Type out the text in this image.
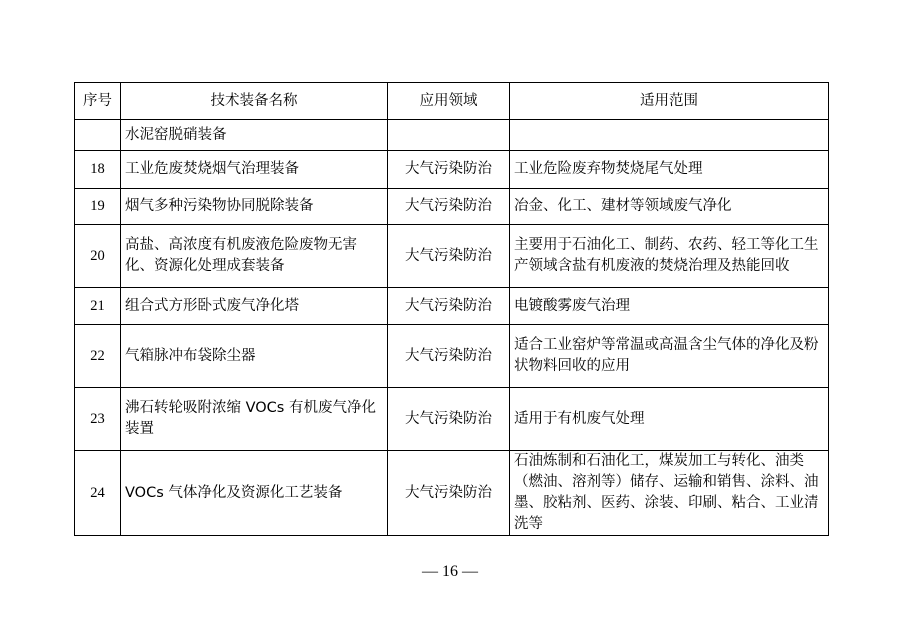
序号	技术装备名称	应用领域	适用范围
	水泥窑脱硝装备		
18	工业危废焚烧烟气治理装备	大气污染防治	工业危险废弃物焚烧尾气处理
19	烟气多种污染物协同脱除装备	大气污染防治	冶金、化工、建材等领域废气净化
20	高盐、高浓度有机废液危险废物无害化、资源化处理成套装备	大气污染防治	主要用于石油化工、制药、农药、轻工等化工生产领域含盐有机废液的焚烧治理及热能回收
21	组合式方形卧式废气净化塔	大气污染防治	电镀酸雾废气治理
22	气箱脉冲布袋除尘器	大气污染防治	适合工业窑炉等常温或高温含尘气体的净化及粉状物料回收的应用
23	沸石转轮吸附浓缩 VOCs 有机废气净化装置	大气污染防治	适用于有机废气处理
24	VOCs 气体净化及资源化工艺装备	大气污染防治	石油炼制和石油化工，煤炭加工与转化、油类（燃油、溶剂等）储存、运输和销售、涂料、油墨、胶粘剂、医药、涂装、印刷、粘合、工业清洗等
— 16 —
